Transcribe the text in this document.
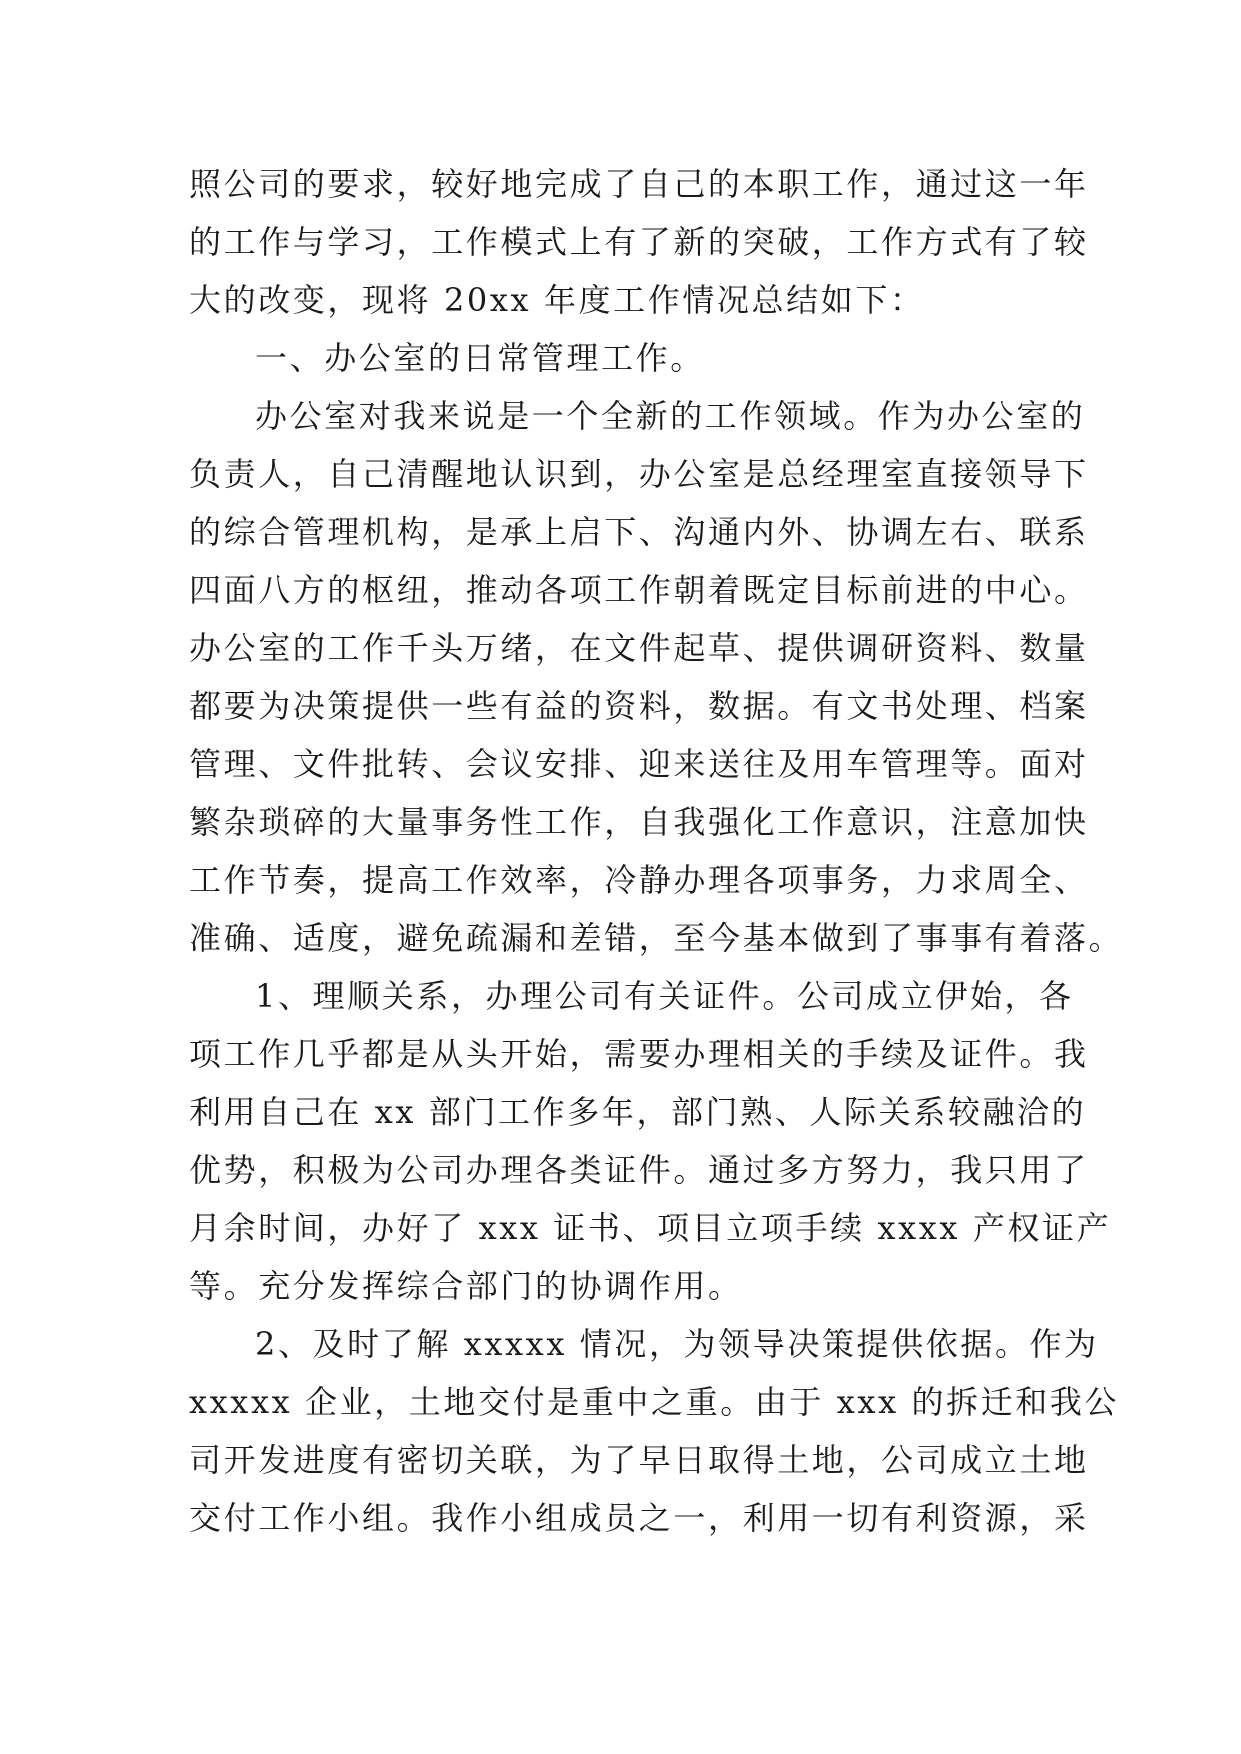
照公司的要求，较好地完成了自己的本职工作，通过这一年
的工作与学习，工作模式上有了新的突破，工作方式有了较
大的改变，现将 20xx 年度工作情况总结如下：
一、办公室的日常管理工作。
办公室对我来说是一个全新的工作领域。作为办公室的
负责人，自己清醒地认识到，办公室是总经理室直接领导下
的综合管理机构，是承上启下、沟通内外、协调左右、联系
四面八方的枢纽，推动各项工作朝着既定目标前进的中心。
办公室的工作千头万绪，在文件起草、提供调研资料、数量
都要为决策提供一些有益的资料，数据。有文书处理、档案
管理、文件批转、会议安排、迎来送往及用车管理等。面对
繁杂琐碎的大量事务性工作，自我强化工作意识，注意加快
工作节奏，提高工作效率，冷静办理各项事务，力求周全、
准确、适度，避免疏漏和差错，至今基本做到了事事有着落。
1、理顺关系，办理公司有关证件。公司成立伊始，各
项工作几乎都是从头开始，需要办理相关的手续及证件。我
利用自己在 xx 部门工作多年，部门熟、人际关系较融洽的
优势，积极为公司办理各类证件。通过多方努力，我只用了
月余时间，办好了 xxx 证书、项目立项手续 xxxx 产权证产
等。充分发挥综合部门的协调作用。
2、及时了解 xxxxx 情况，为领导决策提供依据。作为
xxxxx 企业，土地交付是重中之重。由于 xxx 的拆迁和我公
司开发进度有密切关联，为了早日取得土地，公司成立土地
交付工作小组。我作小组成员之一，利用一切有利资源，采
